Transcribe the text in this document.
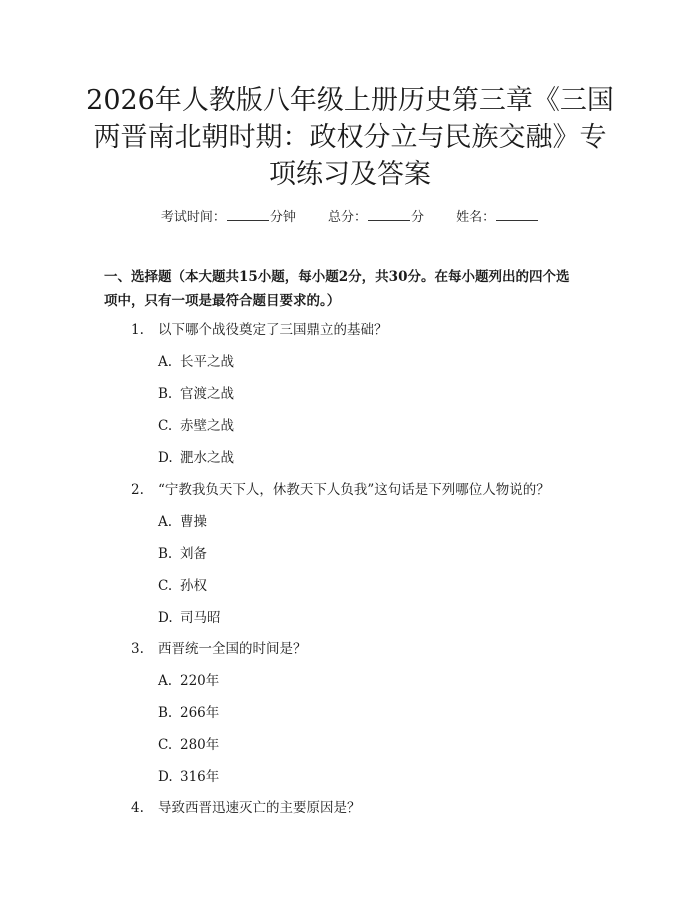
2026年人教版八年级上册历史第三章《三国
两晋南北朝时期：政权分立与民族交融》专
项练习及答案
考试时间：	分钟 总分：	分 姓名：
一、选择题（本大题共15小题，每小题2分，共30分。在每小题列出的四个选
项中，只有一项是最符合题目要求的。）
1. 以下哪个战役奠定了三国鼎立的基础？
A. 长平之战
B. 官渡之战
C. 赤壁之战
D. 淝水之战
2. “宁教我负天下人，休教天下人负我”这句话是下列哪位人物说的？
A. 曹操
B. 刘备
C. 孙权
D. 司马昭
3. 西晋统一全国的时间是？
A. 220年
B. 266年
C. 280年
D. 316年
4. 导致西晋迅速灭亡的主要原因是？
